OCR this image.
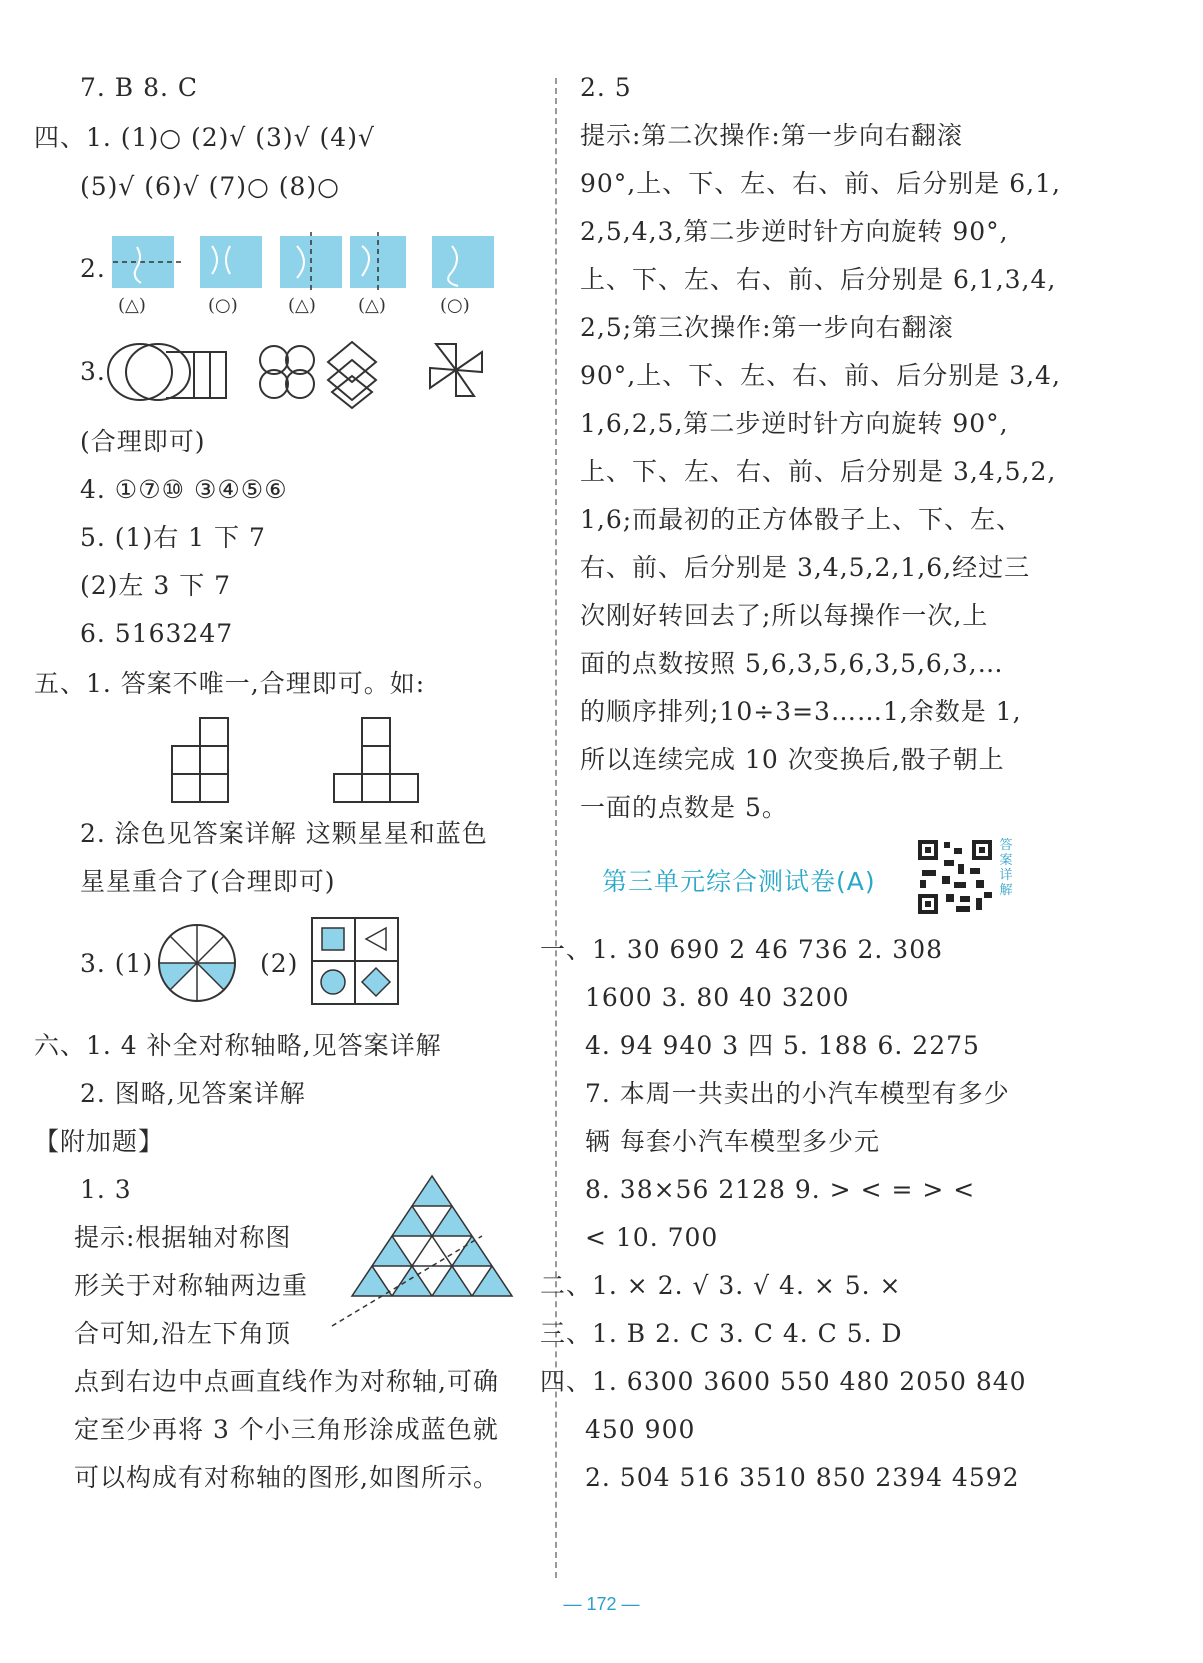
7. B 8. C
四、1. (1)○ (2)√ (3)√ (4)√
(5)√ (6)√ (7)○ (8)○
2.
(△)	(○)	(△) (△)	(○)
3.
(合理即可)
4. ①⑦⑩ ③④⑤⑥
5. (1)右 1 下 7
(2)左 3 下 7
6. 5163247
五、1. 答案不唯一,合理即可。如:
2. 涂色见答案详解 这颗星星和蓝色
星星重合了(合理即可)
3. (1)	(2)
六、1. 4 补全对称轴略,见答案详解
2. 图略,见答案详解
【附加题】
1. 3
提示:根据轴对称图
形关于对称轴两边重
合可知,沿左下角顶
点到右边中点画直线作为对称轴,可确
定至少再将 3 个小三角形涂成蓝色就
可以构成有对称轴的图形,如图所示。
2. 5
提示:第二次操作:第一步向右翻滚
90°,上、下、左、右、前、后分别是 6,1,
2,5,4,3,第二步逆时针方向旋转 90°,
上、下、左、右、前、后分别是 6,1,3,4,
2,5;第三次操作:第一步向右翻滚
90°,上、下、左、右、前、后分别是 3,4,
1,6,2,5,第二步逆时针方向旋转 90°,
上、下、左、右、前、后分别是 3,4,5,2,
1,6;而最初的正方体骰子上、下、左、
右、前、后分别是 3,4,5,2,1,6,经过三
次刚好转回去了;所以每操作一次,上
面的点数按照 5,6,3,5,6,3,5,6,3,…
的顺序排列;10÷3=3……1,余数是 1,
所以连续完成 10 次变换后,骰子朝上
一面的点数是 5。
第三单元综合测试卷(A)
答案详解
一、1. 30 690 2 46 736 2. 308
1600 3. 80 40 3200
4. 94 940 3 四 5. 188 6. 2275
7. 本周一共卖出的小汽车模型有多少
辆 每套小汽车模型多少元
8. 38×56 2128 9. > < = > <
< 10. 700
二、1. × 2. √ 3. √ 4. × 5. ×
三、1. B 2. C 3. C 4. C 5. D
四、1. 6300 3600 550 480 2050 840
450 900
2. 504 516 3510 850 2394 4592
— 172 —
